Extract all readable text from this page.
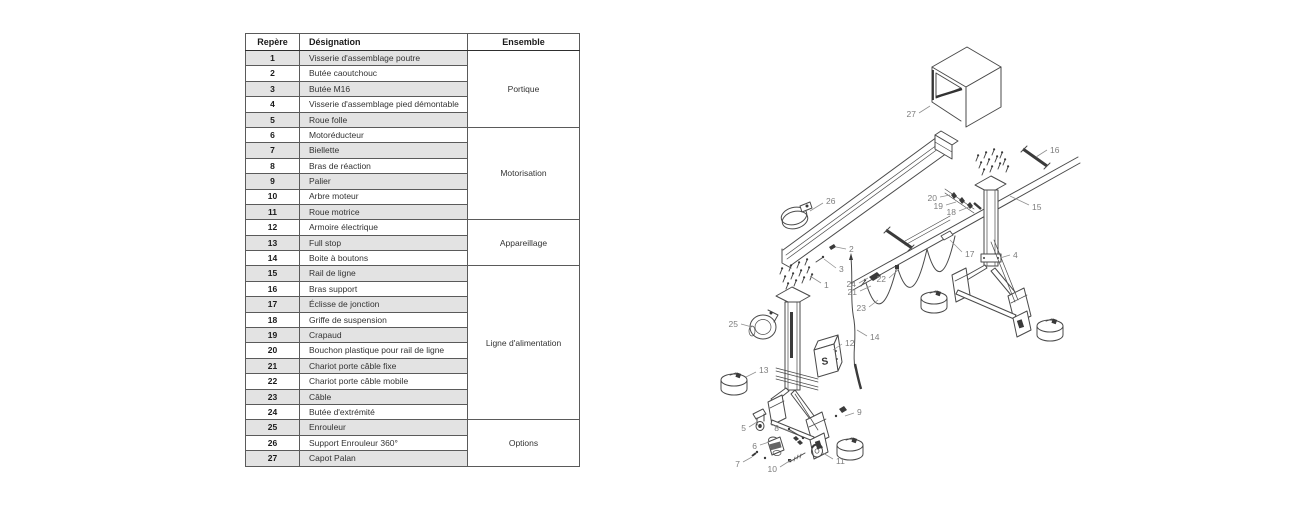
Repère	Désignation	Ensemble
1	Visserie d'assemblage poutre	Portique
2	Butée caoutchouc	
3	Butée M16	
4	Visserie d'assemblage pied démontable	
5	Roue folle	
6	Motoréducteur	Motorisation
7	Biellette	
8	Bras de réaction	
9	Palier	
10	Arbre moteur	
11	Roue motrice	
12	Armoire électrique	Appareillage
13	Full stop	
14	Boite à boutons	
15	Rail de ligne	Ligne d'alimentation
16	Bras support	
17	Éclisse de jonction	
18	Griffe de suspension	
19	Crapaud	
20	Bouchon plastique pour rail de ligne	
21	Chariot porte câble fixe	
22	Chariot porte câble mobile	
23	Câble	
24	Butée d'extrémité	
25	Enrouleur	Options
26	Support Enrouleur 360°	
27	Capot Palan	
S
1
2
3
4
5
6
7
8
9
10
11
12
13
14
15
16
17
18
19
20
21
22
23
24
25
26
27
